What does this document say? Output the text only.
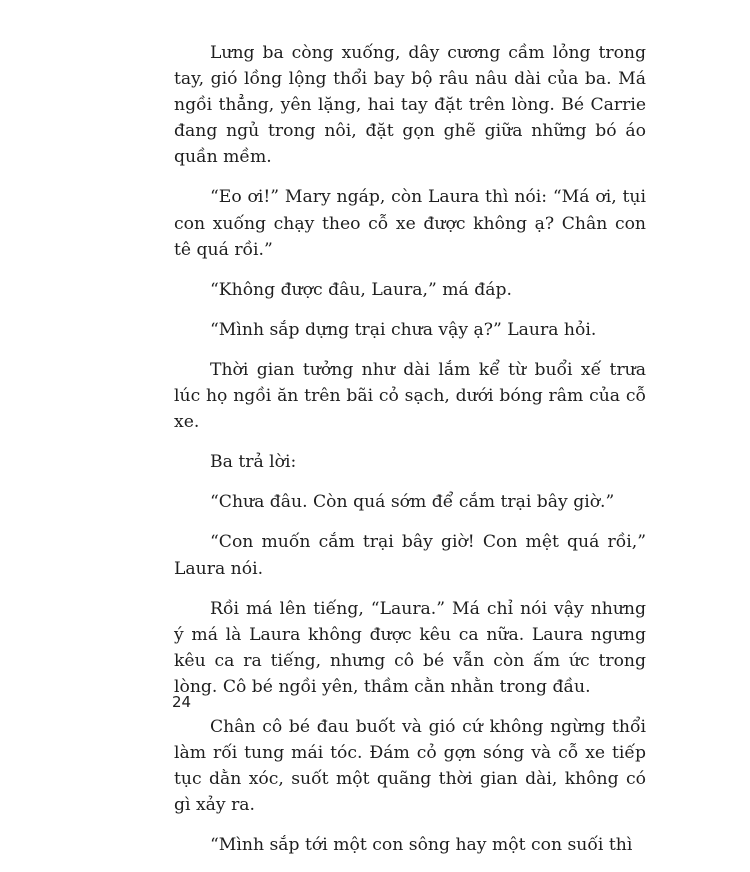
Lưng ba còng xuống, dây cương cầm lỏng trong tay, gió lồng lộng thổi bay bộ râu nâu dài của ba. Má ngồi thẳng, yên lặng, hai tay đặt trên lòng. Bé Carrie đang ngủ trong nôi, đặt gọn ghẽ giữa những bó áo quần mềm.

“Eo ơi!” Mary ngáp, còn Laura thì nói: “Má ơi, tụi con xuống chạy theo cỗ xe được không ạ? Chân con tê quá rồi.”

“Không được đâu, Laura,” má đáp.

“Mình sắp dựng trại chưa vậy ạ?” Laura hỏi.

Thời gian tưởng như dài lắm kể từ buổi xế trưa lúc họ ngồi ăn trên bãi cỏ sạch, dưới bóng râm của cỗ xe.

Ba trả lời:

“Chưa đâu. Còn quá sớm để cắm trại bây giờ.”

“Con muốn cắm trại bây giờ! Con mệt quá rồi,” Laura nói.

Rồi má lên tiếng, “Laura.” Má chỉ nói vậy nhưng ý má là Laura không được kêu ca nữa. Laura ngưng kêu ca ra tiếng, nhưng cô bé vẫn còn ấm ức trong lòng. Cô bé ngồi yên, thầm cằn nhằn trong đầu.

Chân cô bé đau buốt và gió cứ không ngừng thổi làm rối tung mái tóc. Đám cỏ gợn sóng và cỗ xe tiếp tục dằn xóc, suốt một quãng thời gian dài, không có gì xảy ra.

“Mình sắp tới một con sông hay một con suối thì

24
